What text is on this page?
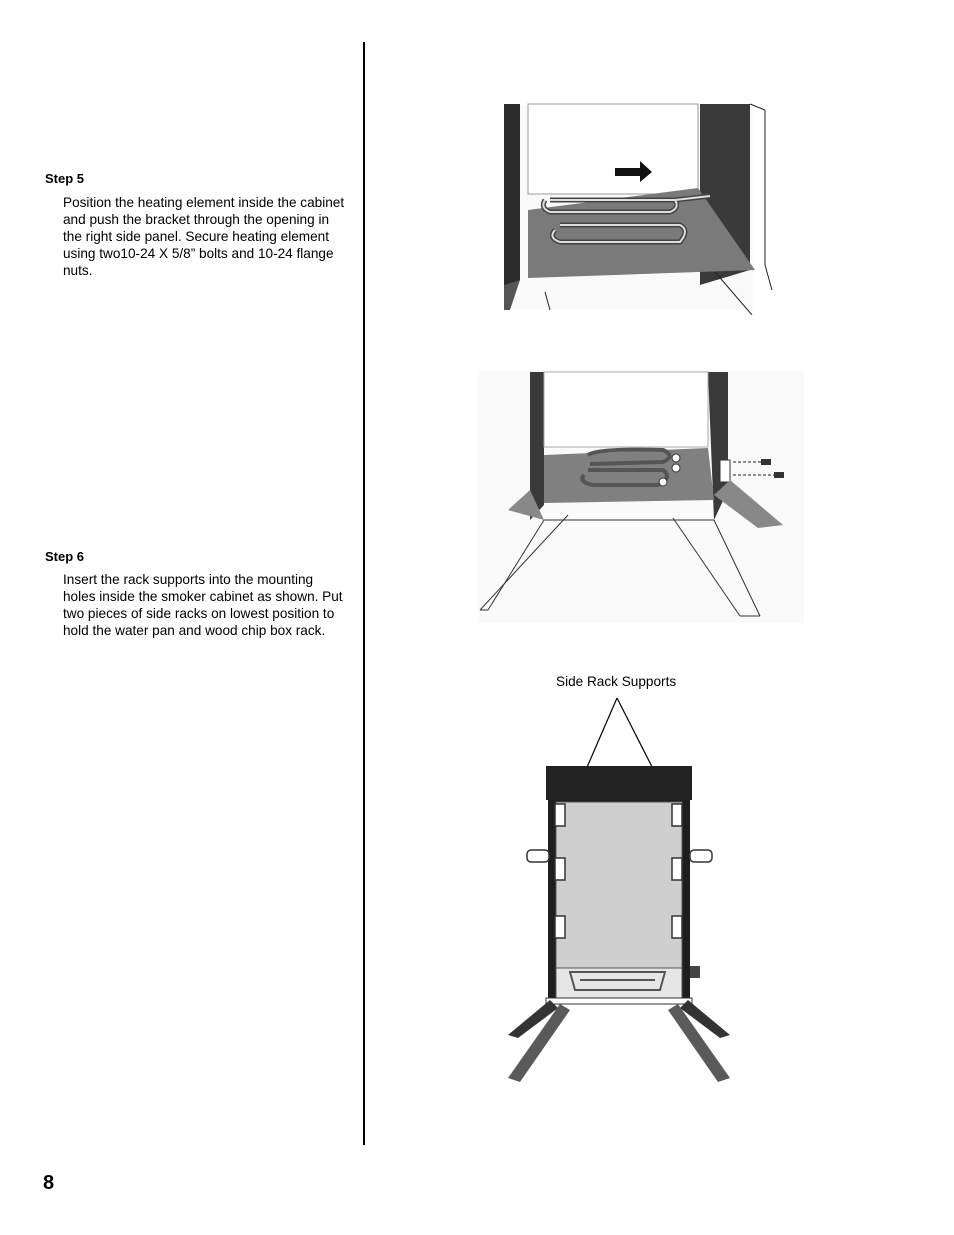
Step 5
Position the heating element inside the cabinet and push the bracket through the opening in the right side panel. Secure heating element using two10-24 X 5/8” bolts and 10-24 flange nuts.
Step 6
Insert the rack supports into the mounting holes inside the smoker cabinet as shown. Put two pieces of side racks on lowest position to hold the water pan and wood chip box rack.
Side Rack Supports
8
